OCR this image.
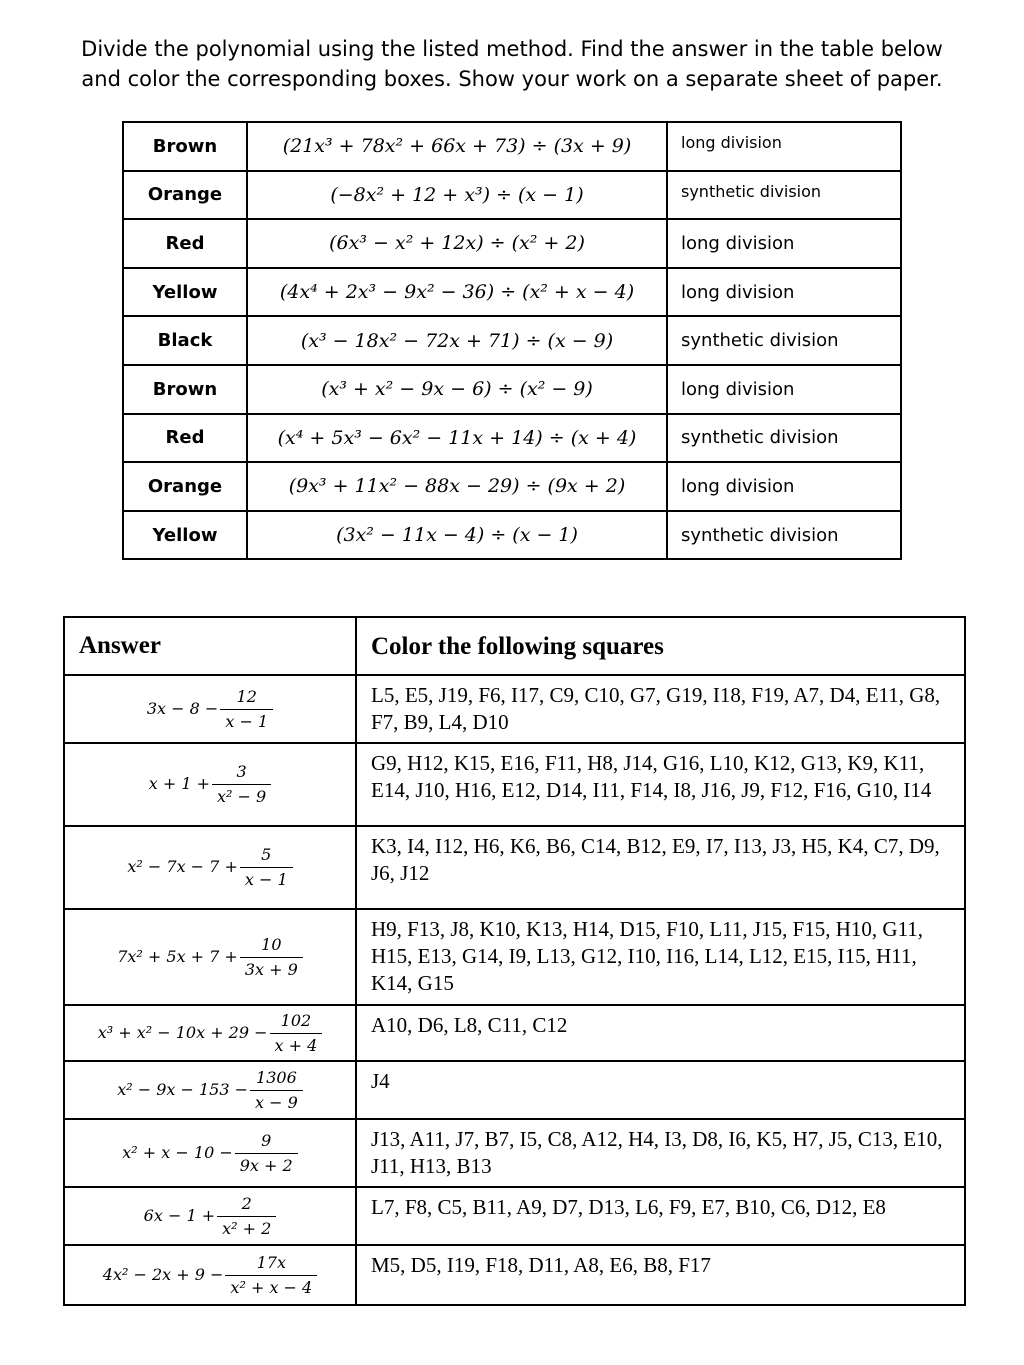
Divide the polynomial using the listed method. Find the answer in the table below
and color the corresponding boxes. Show your work on a separate sheet of paper.
Brown	(21x³ + 78x² + 66x + 73) ÷ (3x + 9)	long division
Orange	(−8x² + 12 + x³) ÷ (x − 1)	synthetic division
Red	(6x³ − x² + 12x) ÷ (x² + 2)	long division
Yellow	(4x⁴ + 2x³ − 9x² − 36) ÷ (x² + x − 4)	long division
Black	(x³ − 18x² − 72x + 71) ÷ (x − 9)	synthetic division
Brown	(x³ + x² − 9x − 6) ÷ (x² − 9)	long division
Red	(x⁴ + 5x³ − 6x² − 11x + 14) ÷ (x + 4)	synthetic division
Orange	(9x³ + 11x² − 88x − 29) ÷ (9x + 2)	long division
Yellow	(3x² − 11x − 4) ÷ (x − 1)	synthetic division
Answer	Color the following squares
$3x - 8 - \frac{12}{x - 1}$	L5, E5, J19, F6, I17, C9, C10, G7, G19, I18, F19, A7, D4, E11, G8, F7, B9, L4, D10
$x + 1 + \frac{3}{\text{x² − 9}}$	G9, H12, K15, E16, F11, H8, J14, G16, L10, K12, G13, K9, K11, E14, J10, H16, E12, D14, I11, F14, I8, J16, J9, F12, F16, G10, I14
$x^2 - 7x - 7 + \frac{5}{x - 1}$	K3, I4, I12, H6, K6, B6, C14, B12, E9, I7, I13, J3, H5, K4, C7, D9, J6, J12
$7x^2 + 5x + 7 + \frac{10}{3x + 9}$	H9, F13, J8, K10, K13, H14, D15, F10, L11, J15, F15, H10, G11, H15, E13, G14, I9, L13, G12, I10, I16, L14, L12, E15, I15, H11, K14, G15
$x^3 + x^2 - 10x + 29 - \frac{102}{x + 4}$	A10, D6, L8, C11, C12
$x^2 - 9x - 153 - \frac{1306}{x - 9}$	J4
$x^2 + x - 10 - \frac{9}{9x + 2}$	J13, A11, J7, B7, I5, C8, A12, H4, I3, D8, I6, K5, H7, J5, C13, E10, J11, H13, B13
$6x - 1 + \frac{2}{\text{x² + 2}}$	L7, F8, C5, B11, A9, D7, D13, L6, F9, E7, B10, C6, D12, E8
$4x^2 - 2x + 9 - \frac{17x}{\text{x² + x − 4}}$	M5, D5, I19, F18, D11, A8, E6, B8, F17
